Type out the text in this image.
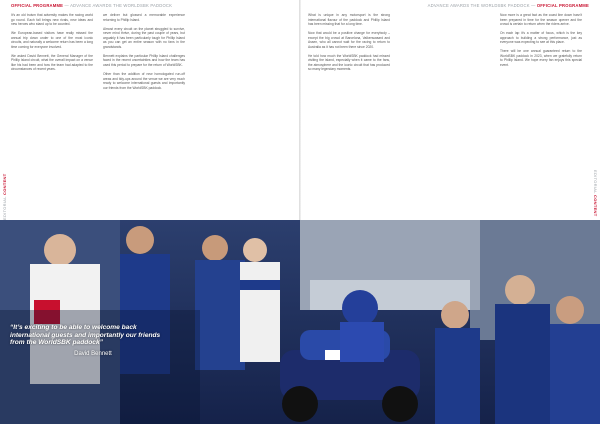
OFFICIAL PROGRAMME — ADVANCE AWARDS THE WORLDSBK PADDOCK

It's an old truism that adversity makes the racing world go round. Each fall brings new rivals, new ideas and new heroes who stand up to be counted.

We European-based visitors have really missed the annual trip down under to one of the most iconic circuits, and naturally a welcome return has been a long time coming for everyone involved.

We asked David Bennett, the General Manager of the Phillip Island circuit, what the overall impact on a venue like his had been and how the team had adapted to the circumstances of recent years.

we deliver but glossed a memorable experience returning to Phillip Island.

Almost every circuit on the planet struggled to survive, never mind thrive, during the past couple of years, but arguably it has been particularly tough for Phillip Island as you can get an entire season with no fans in the grandstands.

Bennett explains the particular Phillip Island challenges faced in the recent uncertainties and how the team has used this period to prepare for the return of WorldSBK.

Other than the addition of new homologated run-off areas and tidy-ups around the venue we are very much ready to welcome international guests and importantly our friends from the WorldSBK paddock.

EDITORIAL CONTENT
ADVANCE AWARDS THE WORLDSBK PADDOCK — OFFICIAL PROGRAMME

What is unique in any motorsport is the strong international flavour of the paddock and Phillip Island has been missing that for a long time.

Now that would be a positive change for everybody – except the big crowd at Barcelona, Valkenswaard and Assen, who all cannot wait for the racing to return to Australia as it has not been there since 2020.

He told how much the WorldSBK paddock had missed visiting the island, especially when it came to the fans, the atmosphere and the iconic circuit that has produced so many legendary moments.

Now more is a great fact as the coast line down hasn't been prepared in time for the season opener and the crowd is certain to return when the riders arrive.

On each lap it's a matter of focus, which is the key approach to building a strong performance, just as everyone was expecting to see at this place.

There will be one annual guaranteed return to the WorldSBK paddock in 2023, when we gratefully return to Phillip Island. We hope every fan enjoys this special event.

EDITORIAL CONTENT
“It’s exciting to be able to welcome back international guests and importantly our friends from the WorldSBK paddock”
David Bennett
